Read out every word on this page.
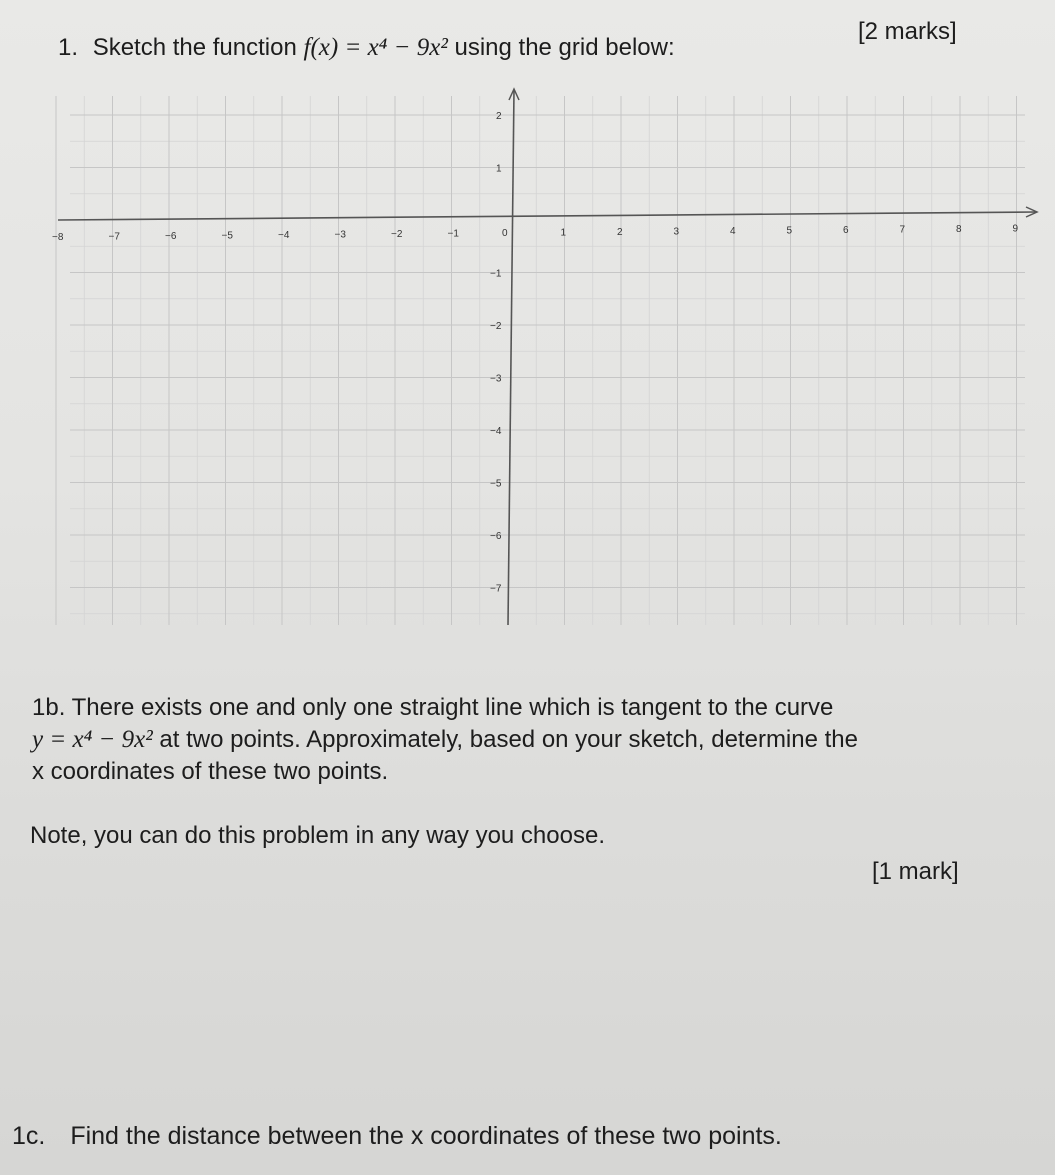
1. Sketch the function f(x) = x⁴ − 9x² using the grid below:
[2 marks]
−8	−7	−6	−5	−4	−3	−2	−1	0	1	2	3	4	5	6	7	8	9
2
1
−1
−2
−3
−4
−5
−6
−7
1b. There exists one and only one straight line which is tangent to the curve
y = x⁴ − 9x² at two points. Approximately, based on your sketch, determine the
x coordinates of these two points.
Note, you can do this problem in any way you choose.
[1 mark]
1c. Find the distance between the x coordinates of these two points.
